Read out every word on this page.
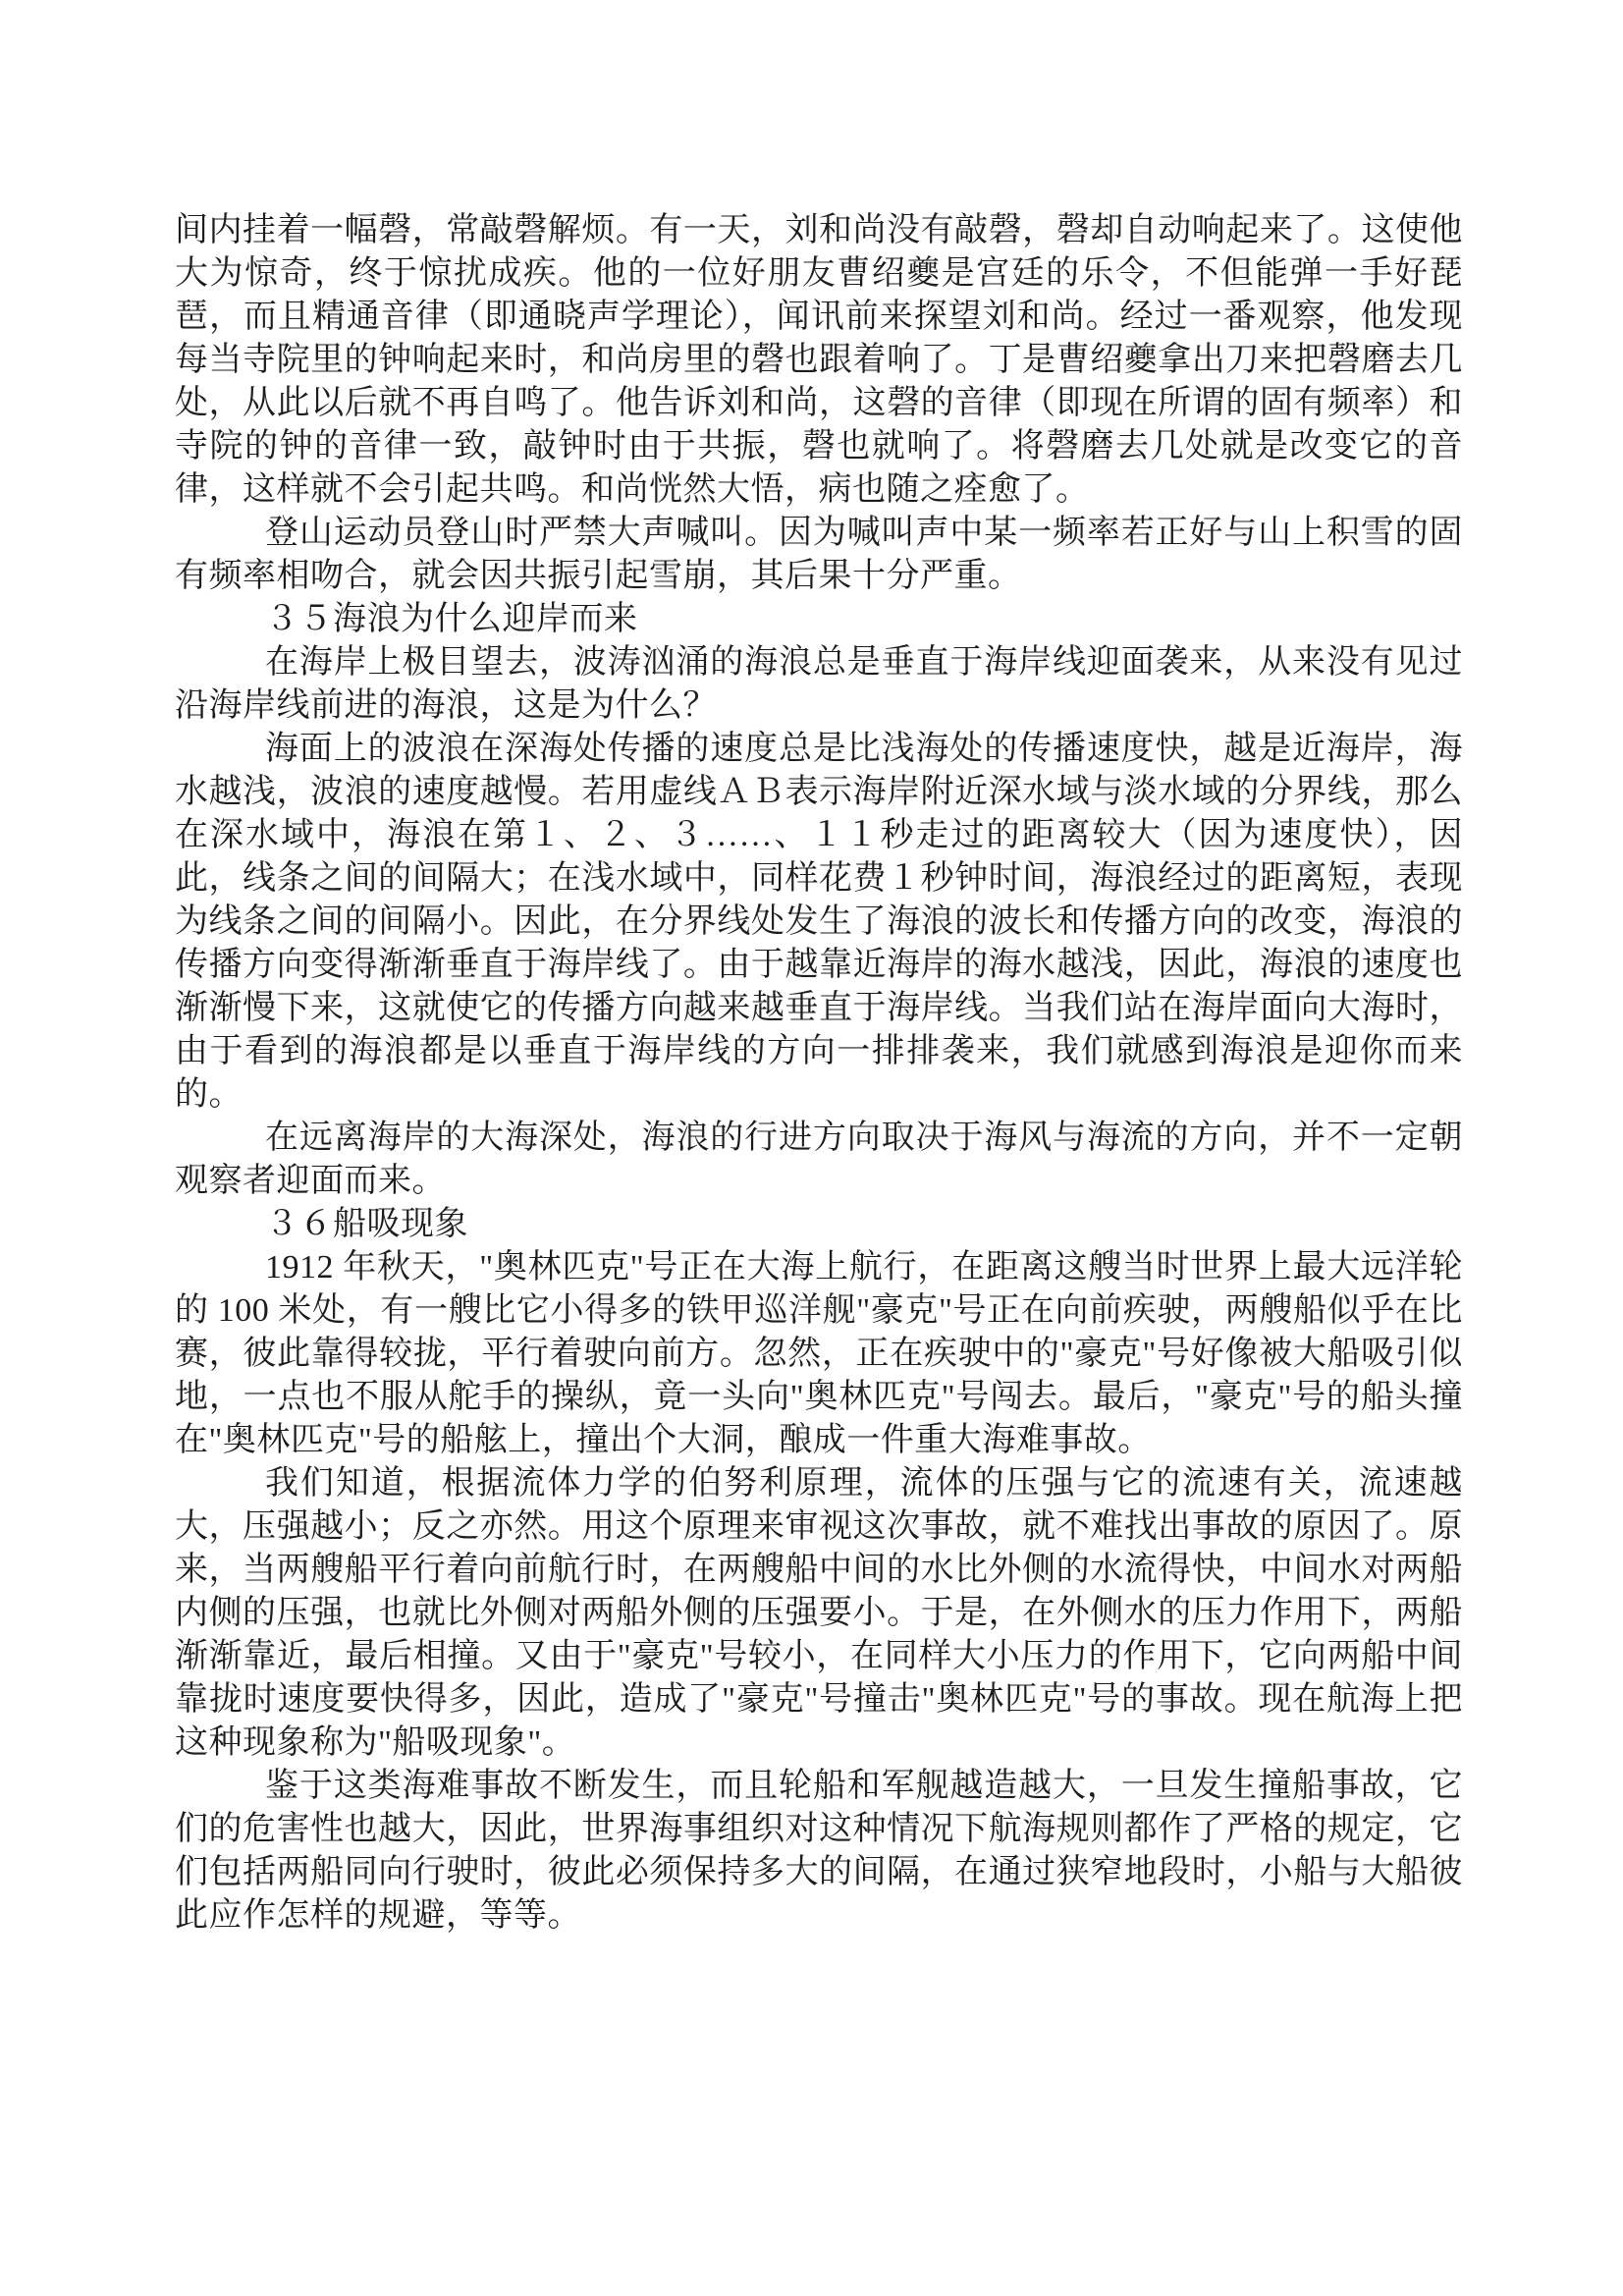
间内挂着一幅磬，常敲磬解烦。有一天，刘和尚没有敲磬，磬却自动响起来了。这使他大为惊奇，终于惊扰成疾。他的一位好朋友曹绍夔是宫廷的乐令，不但能弹一手好琵琶，而且精通音律（即通晓声学理论），闻讯前来探望刘和尚。经过一番观察，他发现每当寺院里的钟响起来时，和尚房里的磬也跟着响了。丁是曹绍夔拿出刀来把磬磨去几处，从此以后就不再自鸣了。他告诉刘和尚，这磬的音律（即现在所谓的固有频率）和寺院的钟的音律一致，敲钟时由于共振，磬也就响了。将磬磨去几处就是改变它的音律，这样就不会引起共鸣。和尚恍然大悟，病也随之痊愈了。

登山运动员登山时严禁大声喊叫。因为喊叫声中某一频率若正好与山上积雪的固有频率相吻合，就会因共振引起雪崩，其后果十分严重。

３５海浪为什么迎岸而来

在海岸上极目望去，波涛汹涌的海浪总是垂直于海岸线迎面袭来，从来没有见过沿海岸线前进的海浪，这是为什么？

海面上的波浪在深海处传播的速度总是比浅海处的传播速度快，越是近海岸，海水越浅，波浪的速度越慢。若用虚线ＡＢ表示海岸附近深水域与淡水域的分界线，那么在深水域中，海浪在第１、２、３……、１１秒走过的距离较大（因为速度快），因此，线条之间的间隔大；在浅水域中，同样花费１秒钟时间，海浪经过的距离短，表现为线条之间的间隔小。因此，在分界线处发生了海浪的波长和传播方向的改变，海浪的传播方向变得渐渐垂直于海岸线了。由于越靠近海岸的海水越浅，因此，海浪的速度也渐渐慢下来，这就使它的传播方向越来越垂直于海岸线。当我们站在海岸面向大海时，由于看到的海浪都是以垂直于海岸线的方向一排排袭来，我们就感到海浪是迎你而来的。

在远离海岸的大海深处，海浪的行进方向取决于海风与海流的方向，并不一定朝观察者迎面而来。

３６船吸现象

1912 年秋天，"奥林匹克"号正在大海上航行，在距离这艘当时世界上最大远洋轮的 100 米处，有一艘比它小得多的铁甲巡洋舰"豪克"号正在向前疾驶，两艘船似乎在比赛，彼此靠得较拢，平行着驶向前方。忽然，正在疾驶中的"豪克"号好像被大船吸引似地，一点也不服从舵手的操纵，竟一头向"奥林匹克"号闯去。最后，"豪克"号的船头撞在"奥林匹克"号的船舷上，撞出个大洞，酿成一件重大海难事故。

我们知道，根据流体力学的伯努利原理，流体的压强与它的流速有关，流速越大，压强越小；反之亦然。用这个原理来审视这次事故，就不难找出事故的原因了。原来，当两艘船平行着向前航行时，在两艘船中间的水比外侧的水流得快，中间水对两船内侧的压强，也就比外侧对两船外侧的压强要小。于是，在外侧水的压力作用下，两船渐渐靠近，最后相撞。又由于"豪克"号较小，在同样大小压力的作用下，它向两船中间靠拢时速度要快得多，因此，造成了"豪克"号撞击"奥林匹克"号的事故。现在航海上把这种现象称为"船吸现象"。

鉴于这类海难事故不断发生，而且轮船和军舰越造越大，一旦发生撞船事故，它们的危害性也越大，因此，世界海事组织对这种情况下航海规则都作了严格的规定，它们包括两船同向行驶时，彼此必须保持多大的间隔，在通过狭窄地段时，小船与大船彼此应作怎样的规避，等等。
